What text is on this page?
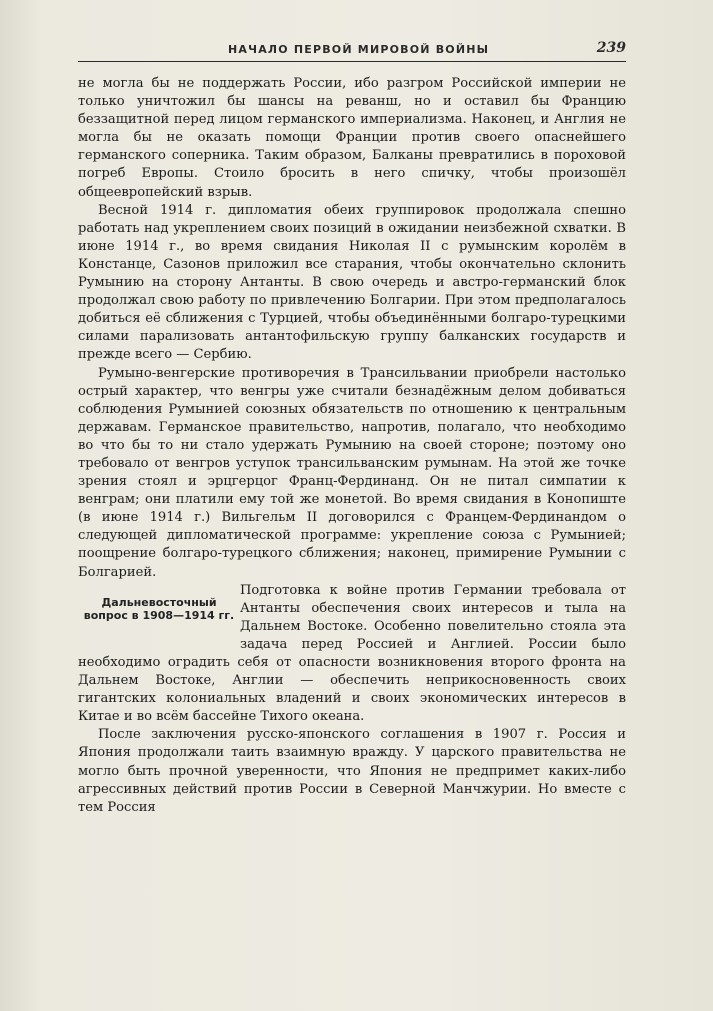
НАЧАЛО ПЕРВОЙ МИРОВОЙ ВОЙНЫ	239

не могла бы не поддержать России, ибо разгром Российской империи не только уничтожил бы шансы на реванш, но и оставил бы Францию беззащитной перед лицом германского империализма. Наконец, и Англия не могла бы не оказать помощи Франции против своего опаснейшего германского соперника. Таким образом, Балканы превратились в пороховой погреб Европы. Стоило бросить в него спичку, чтобы произошёл общеевропейский взрыв.

Весной 1914 г. дипломатия обеих группировок продолжала спешно работать над укреплением своих позиций в ожидании неизбежной схватки. В июне 1914 г., во время свидания Николая II с румынским королём в Констанце, Сазонов приложил все старания, чтобы окончательно склонить Румынию на сторону Антанты. В свою очередь и австро-германский блок продолжал свою работу по привлечению Болгарии. При этом предполагалось добиться её сближения с Турцией, чтобы объединёнными болгаро-турецкими силами парализовать антантофильскую группу балканских государств и прежде всего — Сербию.

Румыно-венгерские противоречия в Трансильвании приобрели настолько острый характер, что венгры уже считали безнадёжным делом добиваться соблюдения Румынией союзных обязательств по отношению к центральным державам. Германское правительство, напротив, полагало, что необходимо во что бы то ни стало удержать Румынию на своей стороне; поэтому оно требовало от венгров уступок трансильванским румынам. На этой же точке зрения стоял и эрцгерцог Франц-Фердинанд. Он не питал симпатии к венграм; они платили ему той же монетой. Во время свидания в Конопиште (в июне 1914 г.) Вильгельм II договорился с Францем-Фердинандом о следующей дипломатической программе: укрепление союза с Румынией; поощрение болгаро-турецкого сближения; наконец, примирение Румынии с Болгарией.

Дальневосточный вопрос в 1908—1914 гг.

Подготовка к войне против Германии требовала от Антанты обеспечения своих интересов и тыла на Дальнем Востоке. Особенно повелительно стояла эта задача перед Россией и Англией. России было необходимо оградить себя от опасности возникновения второго фронта на Дальнем Востоке, Англии — обеспечить неприкосновенность своих гигантских колониальных владений и своих экономических интересов в Китае и во всём бассейне Тихого океана.

После заключения русско-японского соглашения в 1907 г. Россия и Япония продолжали таить взаимную вражду. У царского правительства не могло быть прочной уверенности, что Япония не предпримет каких-либо агрессивных действий против России в Северной Манчжурии. Но вместе с тем Россия
